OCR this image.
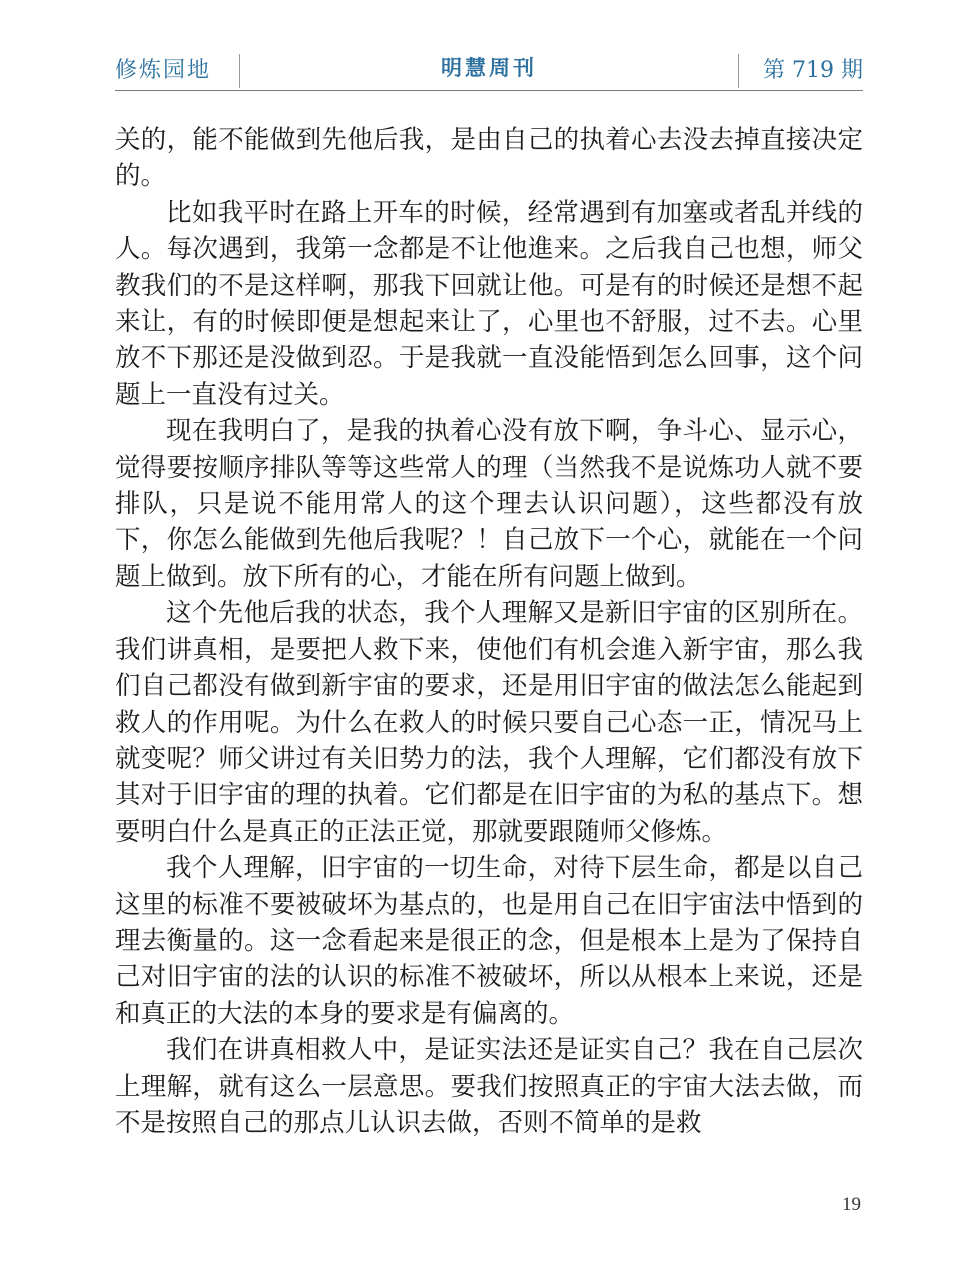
修炼园地	明慧周刊	第 719 期

关的，能不能做到先他后我，是由自己的执着心去没去掉直接决定的。

比如我平时在路上开车的时候，经常遇到有加塞或者乱并线的人。每次遇到，我第一念都是不让他進来。之后我自己也想，师父教我们的不是这样啊，那我下回就让他。可是有的时候还是想不起来让，有的时候即便是想起来让了，心里也不舒服，过不去。心里放不下那还是没做到忍。于是我就一直没能悟到怎么回事，这个问题上一直没有过关。

现在我明白了，是我的执着心没有放下啊，争斗心、显示心，觉得要按顺序排队等等这些常人的理（当然我不是说炼功人就不要排队，只是说不能用常人的这个理去认识问题），这些都没有放下，你怎么能做到先他后我呢？！自己放下一个心，就能在一个问题上做到。放下所有的心，才能在所有问题上做到。

这个先他后我的状态，我个人理解又是新旧宇宙的区别所在。我们讲真相，是要把人救下来，使他们有机会進入新宇宙，那么我们自己都没有做到新宇宙的要求，还是用旧宇宙的做法怎么能起到救人的作用呢。为什么在救人的时候只要自己心态一正，情况马上就变呢？师父讲过有关旧势力的法，我个人理解，它们都没有放下其对于旧宇宙的理的执着。它们都是在旧宇宙的为私的基点下。想要明白什么是真正的正法正觉，那就要跟随师父修炼。

我个人理解，旧宇宙的一切生命，对待下层生命，都是以自己这里的标准不要被破坏为基点的，也是用自己在旧宇宙法中悟到的理去衡量的。这一念看起来是很正的念，但是根本上是为了保持自己对旧宇宙的法的认识的标准不被破坏，所以从根本上来说，还是和真正的大法的本身的要求是有偏离的。

我们在讲真相救人中，是证实法还是证实自己？我在自己层次上理解，就有这么一层意思。要我们按照真正的宇宙大法去做，而不是按照自己的那点儿认识去做，否则不简单的是救

19
